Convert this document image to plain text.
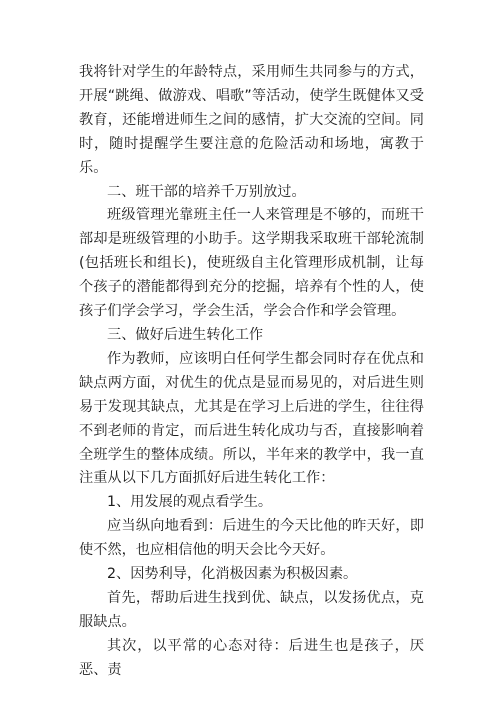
我将针对学生的年龄特点，采用师生共同参与的方式，开展“跳绳、做游戏、唱歌”等活动，使学生既健体又受教育，还能增进师生之间的感情，扩大交流的空间。同时，随时提醒学生要注意的危险活动和场地，寓教于乐。

二、班干部的培养千万别放过。

班级管理光靠班主任一人来管理是不够的，而班干部却是班级管理的小助手。这学期我采取班干部轮流制(包括班长和组长)，使班级自主化管理形成机制，让每个孩子的潜能都得到充分的挖掘，培养有个性的人，使孩子们学会学习，学会生活，学会合作和学会管理。

三、做好后进生转化工作

作为教师，应该明白任何学生都会同时存在优点和缺点两方面，对优生的优点是显而易见的，对后进生则易于发现其缺点，尤其是在学习上后进的学生，往往得不到老师的肯定，而后进生转化成功与否，直接影响着全班学生的整体成绩。所以，半年来的教学中，我一直注重从以下几方面抓好后进生转化工作：

1、用发展的观点看学生。

应当纵向地看到：后进生的今天比他的昨天好，即使不然，也应相信他的明天会比今天好。

2、因势利导，化消极因素为积极因素。

首先，帮助后进生找到优、缺点，以发扬优点，克服缺点。

其次，以平常的心态对待：后进生也是孩子，厌恶、责
